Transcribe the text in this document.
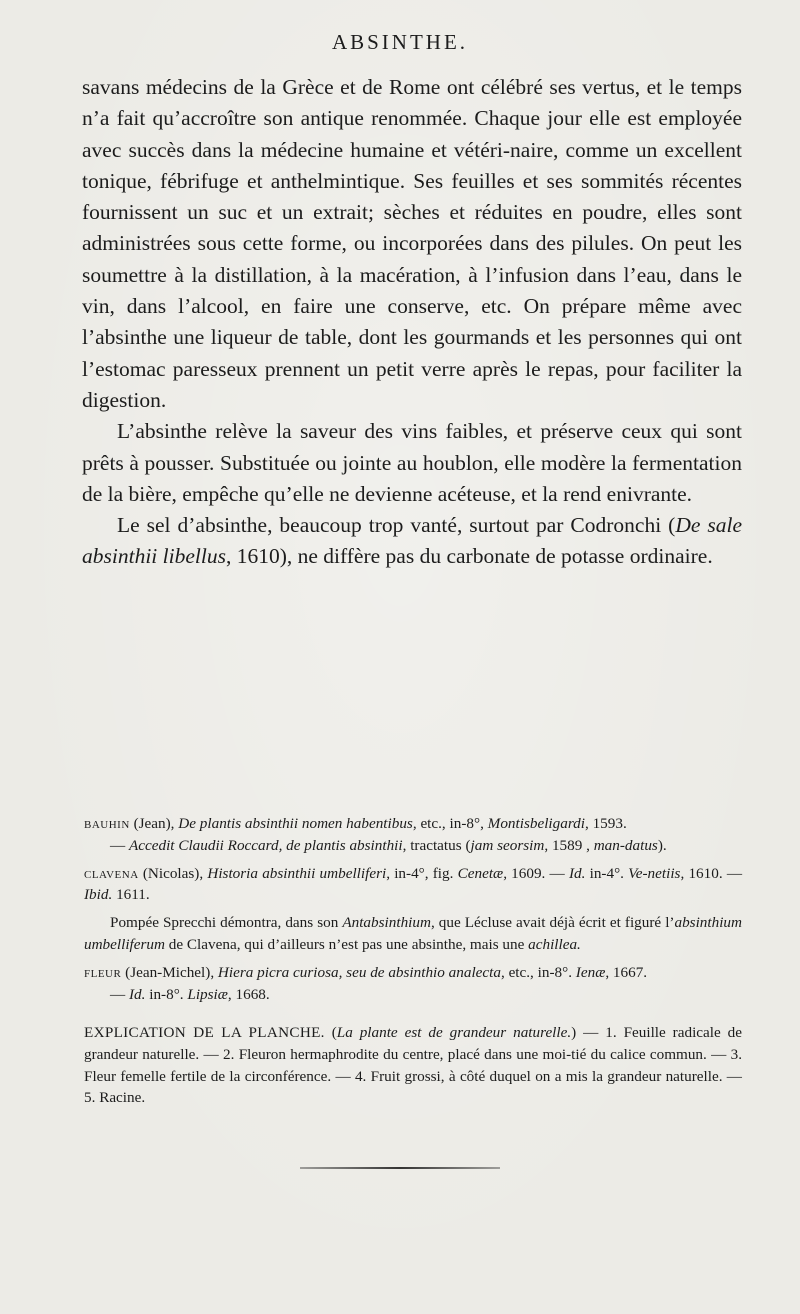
ABSINTHE.

savans médecins de la Grèce et de Rome ont célébré ses vertus, et le temps n’a fait qu’accroître son antique renommée. Chaque jour elle est employée avec succès dans la médecine humaine et vétéri-naire, comme un excellent tonique, fébrifuge et anthelmintique. Ses feuilles et ses sommités récentes fournissent un suc et un extrait; sèches et réduites en poudre, elles sont administrées sous cette forme, ou incorporées dans des pilules. On peut les soumettre à la distillation, à la macération, à l’infusion dans l’eau, dans le vin, dans l’alcool, en faire une conserve, etc. On prépare même avec l’absinthe une liqueur de table, dont les gourmands et les personnes qui ont l’estomac paresseux prennent un petit verre après le repas, pour faciliter la digestion.

L’absinthe relève la saveur des vins faibles, et préserve ceux qui sont prêts à pousser. Substituée ou jointe au houblon, elle modère la fermentation de la bière, empêche qu’elle ne devienne acéteuse, et la rend enivrante.

Le sel d’absinthe, beaucoup trop vanté, surtout par Codronchi (De sale absinthii libellus, 1610), ne diffère pas du carbonate de potasse ordinaire.

bauhin (Jean), De plantis absinthii nomen habentibus, etc., in-8°, Montisbeligardi, 1593.
— Accedit Claudii Roccard, de plantis absinthii, tractatus (jam seorsim, 1589 , man-datus).

clavena (Nicolas), Historia absinthii umbelliferi, in-4°, fig. Cenetæ, 1609. — Id. in-4°. Ve-netiis, 1610. — Ibid. 1611.

Pompée Sprecchi démontra, dans son Antabsinthium, que Lécluse avait déjà écrit et figuré l’absinthium umbelliferum de Clavena, qui d’ailleurs n’est pas une absinthe, mais une achillea.

fleur (Jean-Michel), Hiera picra curiosa, seu de absinthio analecta, etc., in-8°. Ienæ, 1667.
— Id. in-8°. Lipsiæ, 1668.

EXPLICATION DE LA PLANCHE. (La plante est de grandeur naturelle.) — 1. Feuille radicale de grandeur naturelle. — 2. Fleuron hermaphrodite du centre, placé dans une moi-tié du calice commun. — 3. Fleur femelle fertile de la circonférence. — 4. Fruit grossi, à côté duquel on a mis la grandeur naturelle. — 5. Racine.
